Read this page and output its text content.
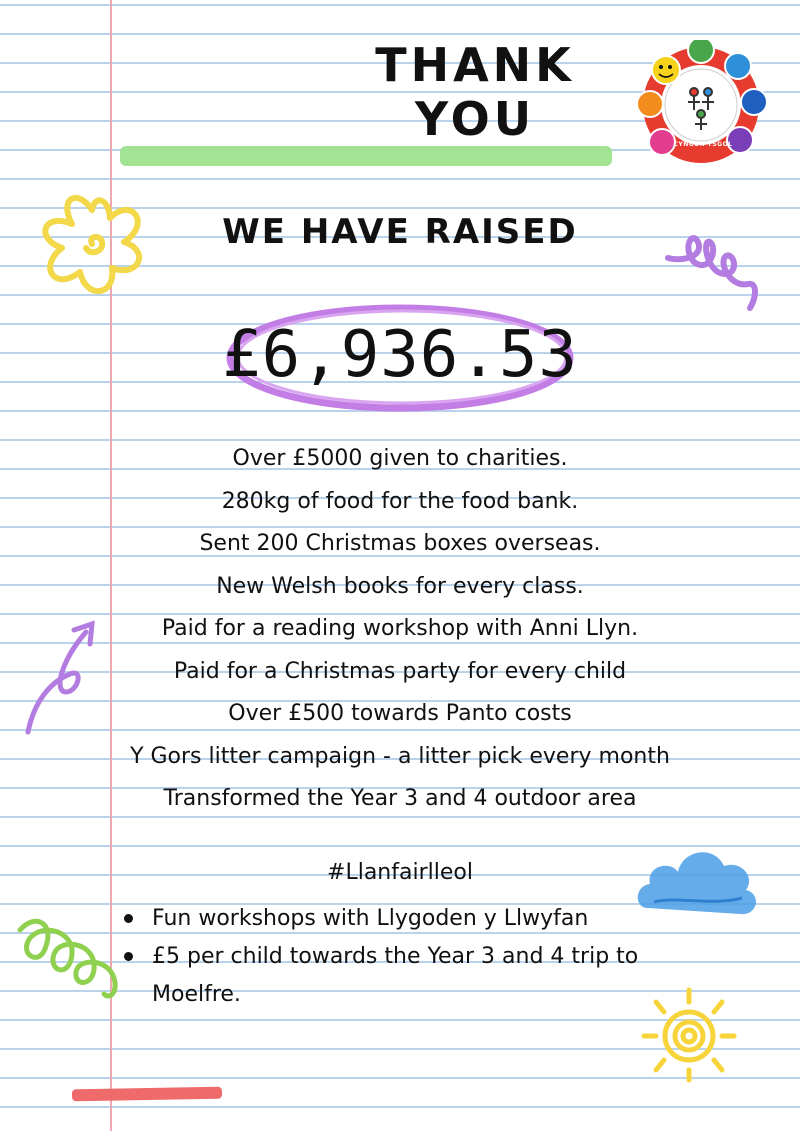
THANK YOU	CYNGOR YSGOL
WE HAVE RAISED
£6,936.53
Over £5000 given to charities.
280kg of food for the food bank.
Sent 200 Christmas boxes overseas.
New Welsh books for every class.
Paid for a reading workshop with Anni Llyn.
Paid for a Christmas party for every child
Over £500 towards Panto costs
Y Gors litter campaign - a litter pick every month
Transformed the Year 3 and 4 outdoor area
#Llanfairlleol
Fun workshops with Llygoden y Llwyfan
£5 per child towards the Year 3 and 4 trip to Moelfre.
